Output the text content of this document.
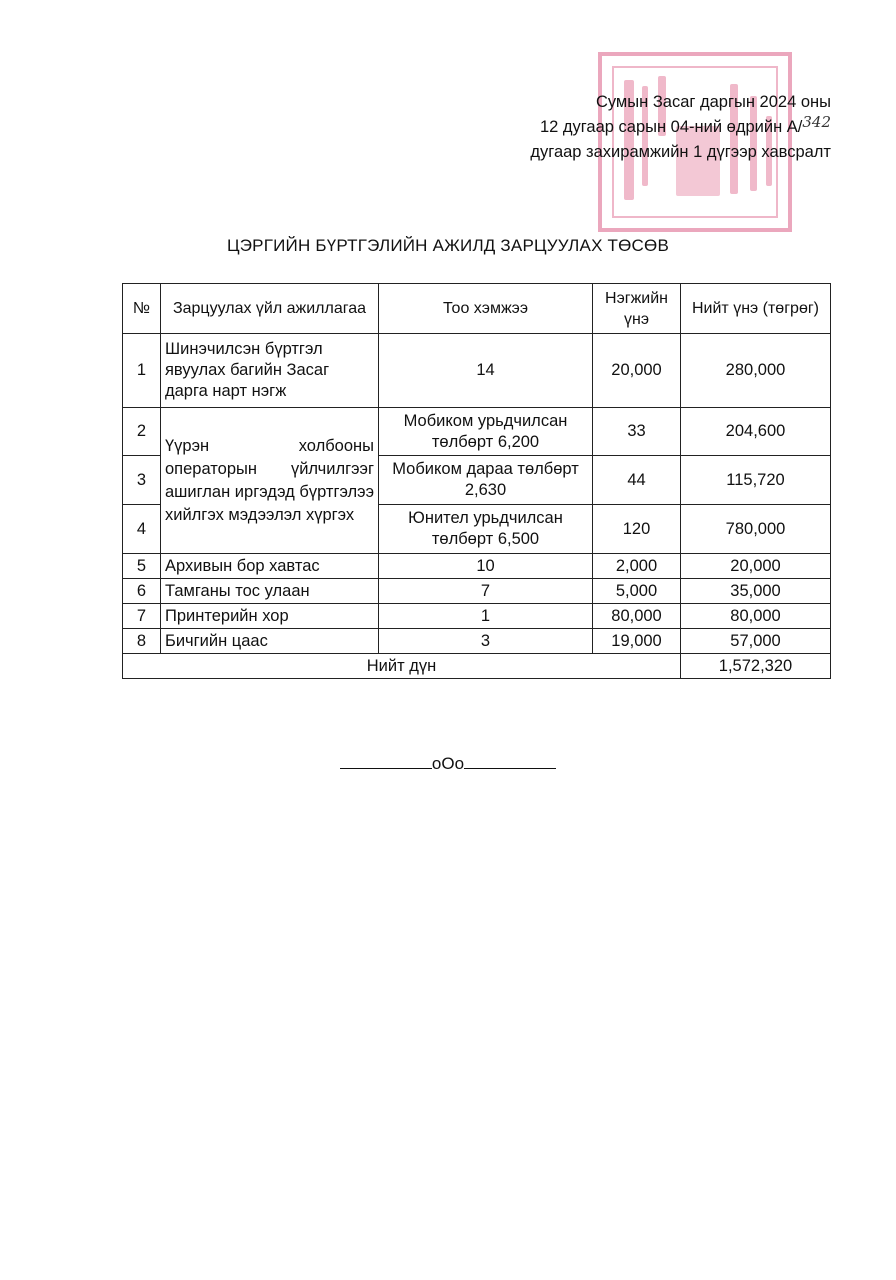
Сумын Засаг даргын 2024 оны
12 дугаар сарын 04-ний өдрийн А/342
дугаар захирамжийн 1 дүгээр хавсралт
ЦЭРГИЙН БҮРТГЭЛИЙН АЖИЛД ЗАРЦУУЛАХ ТӨСӨВ
№	Зарцуулах үйл ажиллагаа	Тоо хэмжээ	Нэгжийн үнэ	Нийт үнэ (төгрөг)
1	Шинэчилсэн бүртгэл явуулах багийн Засаг дарга нарт нэгж	14	20,000	280,000
2	Үүрэн холбооны операторын үйлчилгээг ашиглан иргэдэд бүртгэлээ хийлгэх мэдээлэл хүргэх	Мобиком урьдчилсан төлбөрт 6,200	33	204,600
3		Мобиком дараа төлбөрт 2,630	44	115,720
4		Юнител урьдчилсан төлбөрт 6,500	120	780,000
5	Архивын бор хавтас	10	2,000	20,000
6	Тамганы тос улаан	7	5,000	35,000
7	Принтерийн хор	1	80,000	80,000
8	Бичгийн цаас	3	19,000	57,000
Нийт дүн				1,572,320
оОо
